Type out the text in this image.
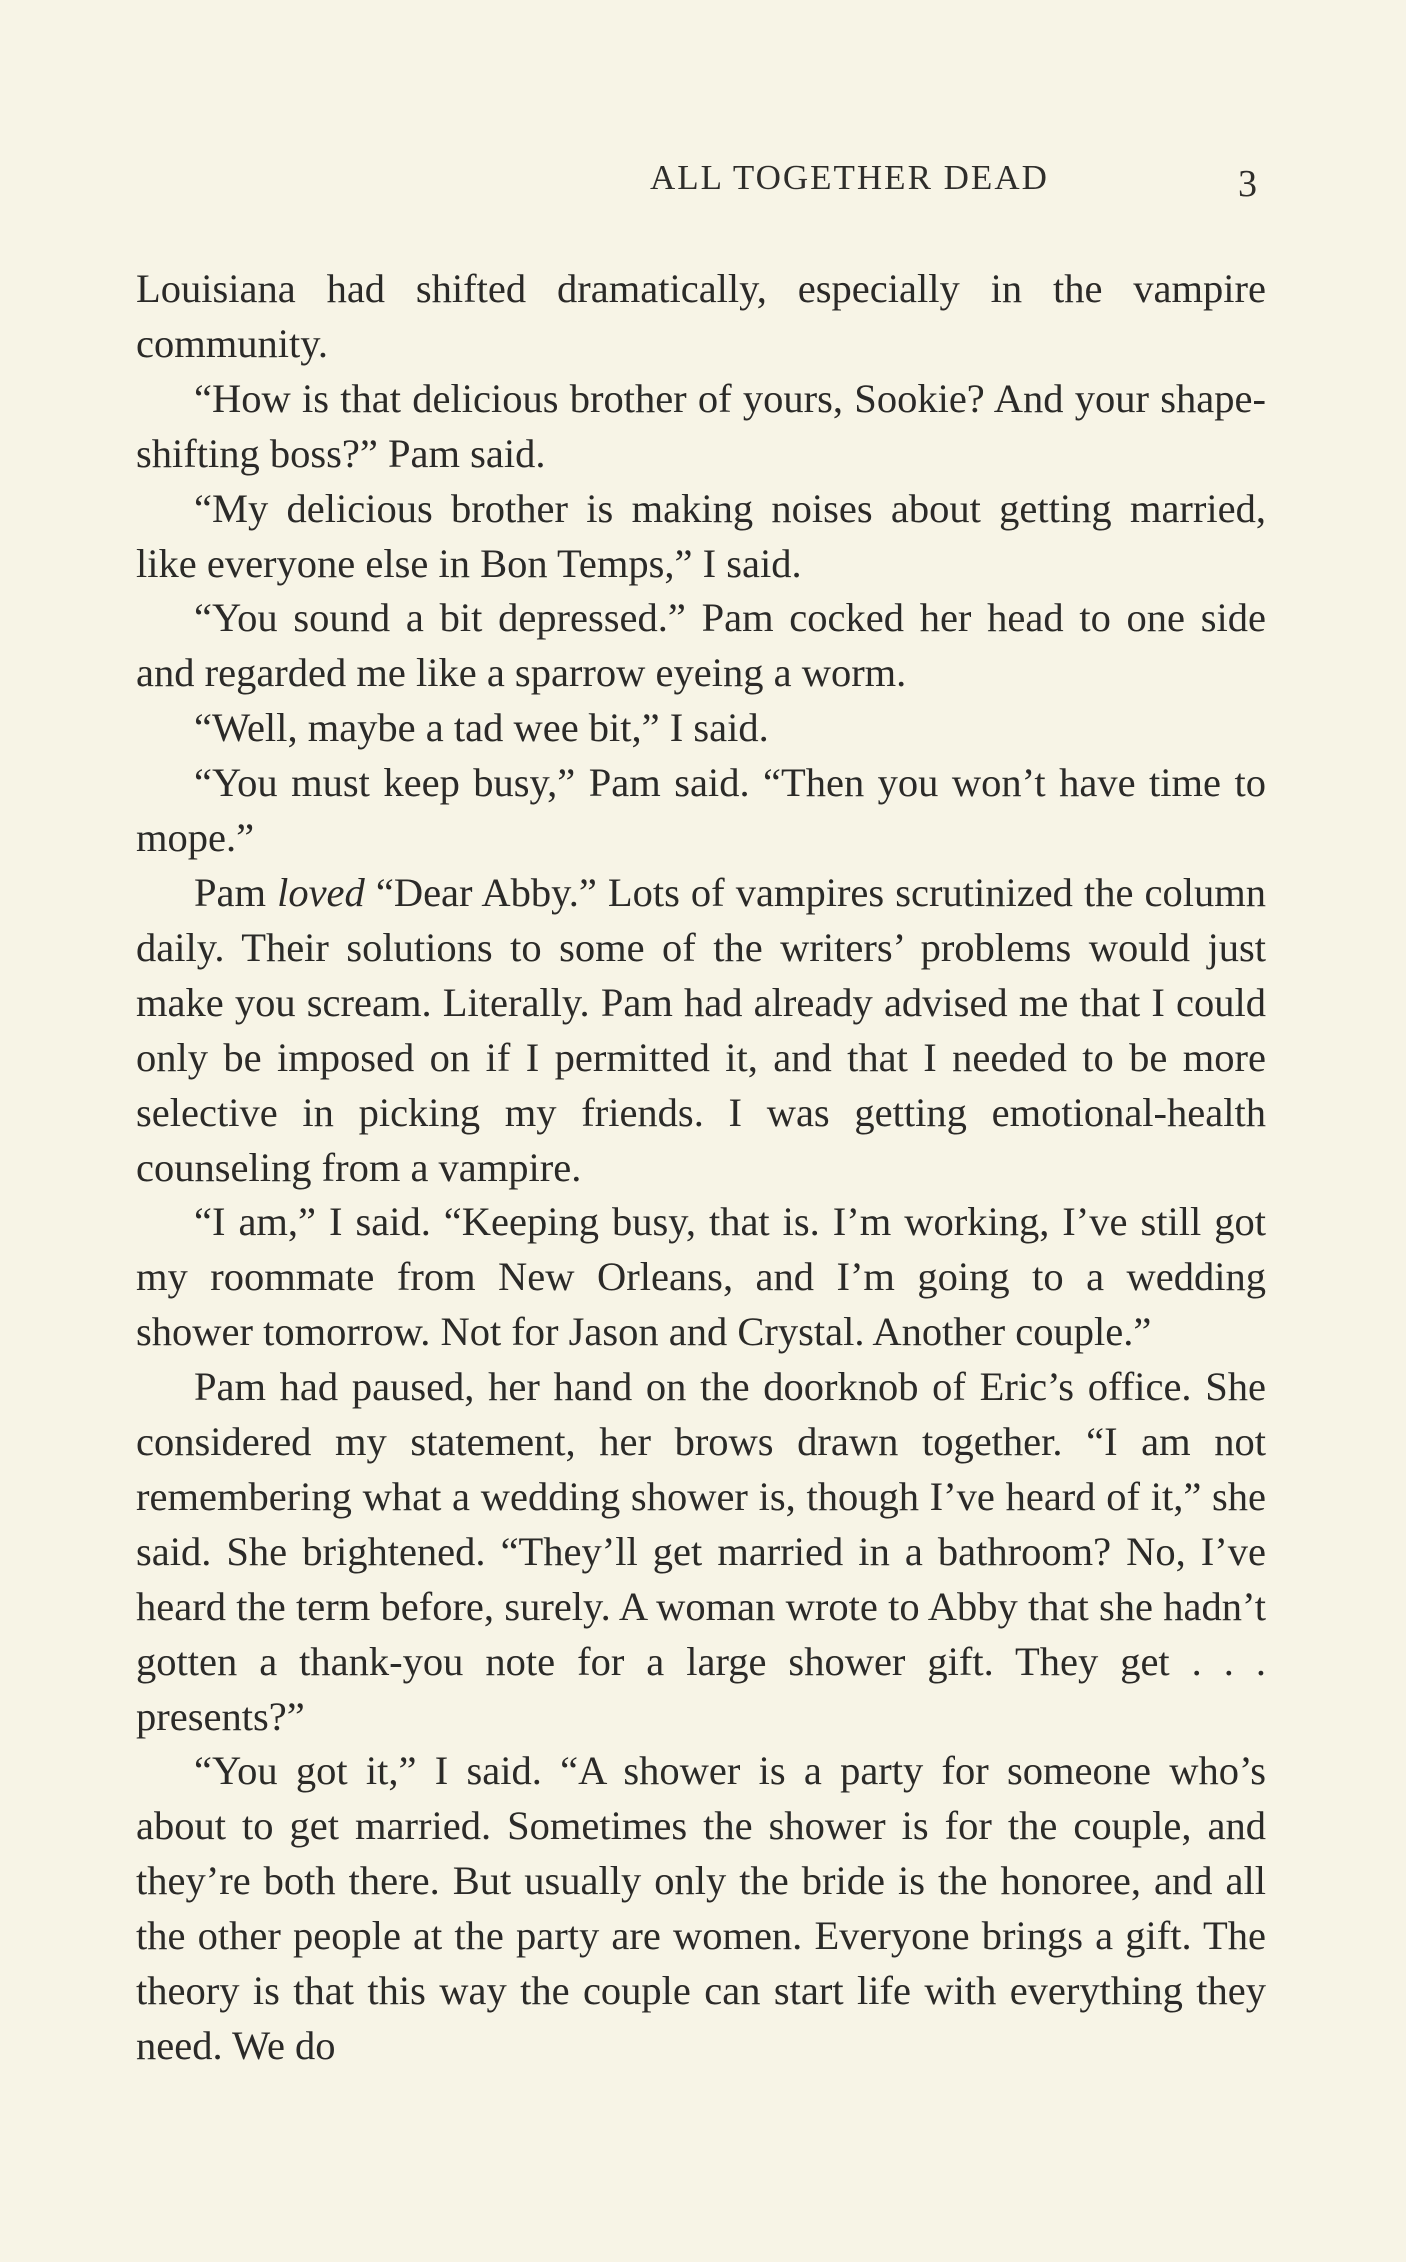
ALL TOGETHER DEAD	3

Louisiana had shifted dramatically, especially in the vampire community.

“How is that delicious brother of yours, Sookie? And your shape-shifting boss?” Pam said.

“My delicious brother is making noises about getting married, like everyone else in Bon Temps,” I said.

“You sound a bit depressed.” Pam cocked her head to one side and regarded me like a sparrow eyeing a worm.

“Well, maybe a tad wee bit,” I said.

“You must keep busy,” Pam said. “Then you won’t have time to mope.”

Pam loved “Dear Abby.” Lots of vampires scrutinized the column daily. Their solutions to some of the writers’ problems would just make you scream. Literally. Pam had already advised me that I could only be imposed on if I permitted it, and that I needed to be more selective in picking my friends. I was getting emotional-health counseling from a vampire.

“I am,” I said. “Keeping busy, that is. I’m working, I’ve still got my roommate from New Orleans, and I’m going to a wedding shower tomorrow. Not for Jason and Crystal. Another couple.”

Pam had paused, her hand on the doorknob of Eric’s office. She considered my statement, her brows drawn together. “I am not remembering what a wedding shower is, though I’ve heard of it,” she said. She brightened. “They’ll get married in a bathroom? No, I’ve heard the term before, surely. A woman wrote to Abby that she hadn’t gotten a thank-you note for a large shower gift. They get . . . presents?”

“You got it,” I said. “A shower is a party for someone who’s about to get married. Sometimes the shower is for the couple, and they’re both there. But usually only the bride is the honoree, and all the other people at the party are women. Everyone brings a gift. The theory is that this way the couple can start life with everything they need. We do
